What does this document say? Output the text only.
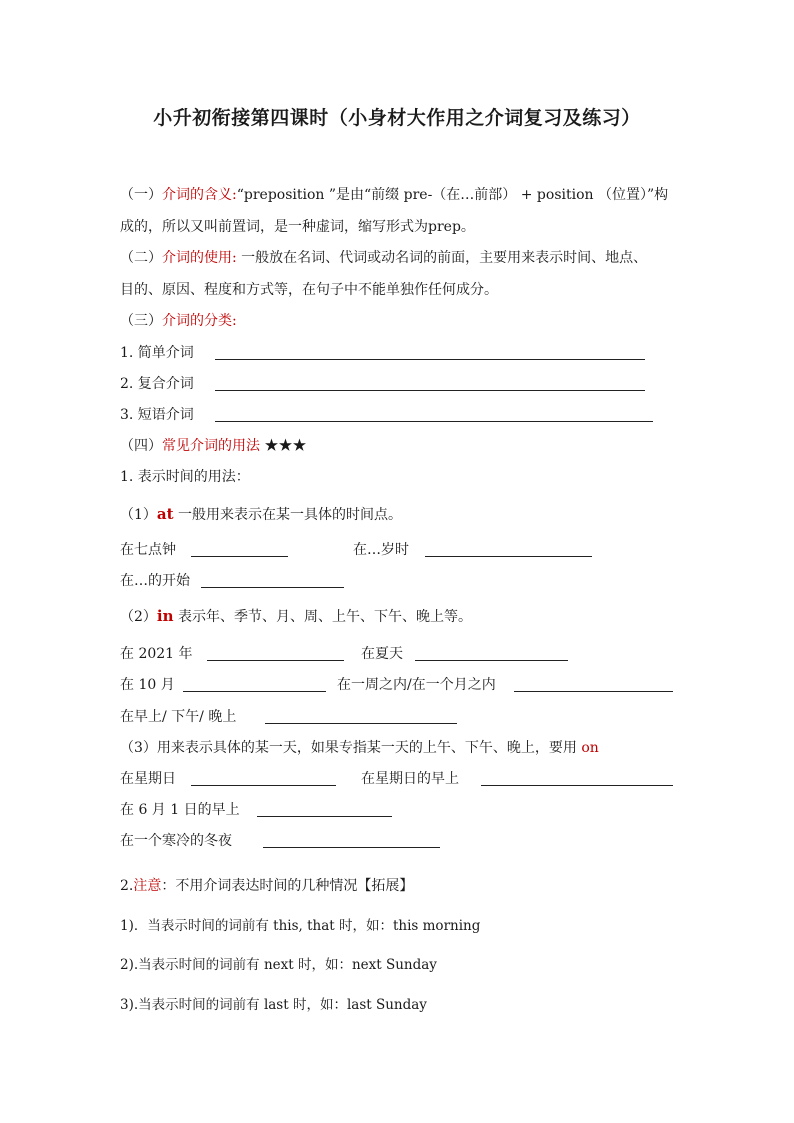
小升初衔接第四课时（小身材大作用之介词复习及练习）
（一）介词的含义:“preposition ”是由“前缀 pre-（在…前部） + position （位置）”构
成的，所以又叫前置词，是一种虚词，缩写形式为prep。
（二）介词的使用: 一般放在名词、代词或动名词的前面，主要用来表示时间、地点、
目的、原因、程度和方式等，在句子中不能单独作任何成分。
（三）介词的分类:
1. 简单介词
2. 复合介词
3. 短语介词
（四）常见介词的用法 ★★★
1. 表示时间的用法：
（1）at 一般用来表示在某一具体的时间点。
在七点钟	在…岁时
在…的开始
（2）in 表示年、季节、月、周、上午、下午、晚上等。
在 2021 年	在夏天
在 10 月	在一周之内/在一个月之内
在早上/ 下午/ 晚上
（3）用来表示具体的某一天，如果专指某一天的上午、下午、晚上，要用 on
在星期日	在星期日的早上
在 6 月 1 日的早上
在一个寒冷的冬夜
2.注意：不用介词表达时间的几种情况【拓展】
1)．当表示时间的词前有 this, that 时，如：this morning
2).当表示时间的词前有 next 时，如：next Sunday
3).当表示时间的词前有 last 时，如：last Sunday
